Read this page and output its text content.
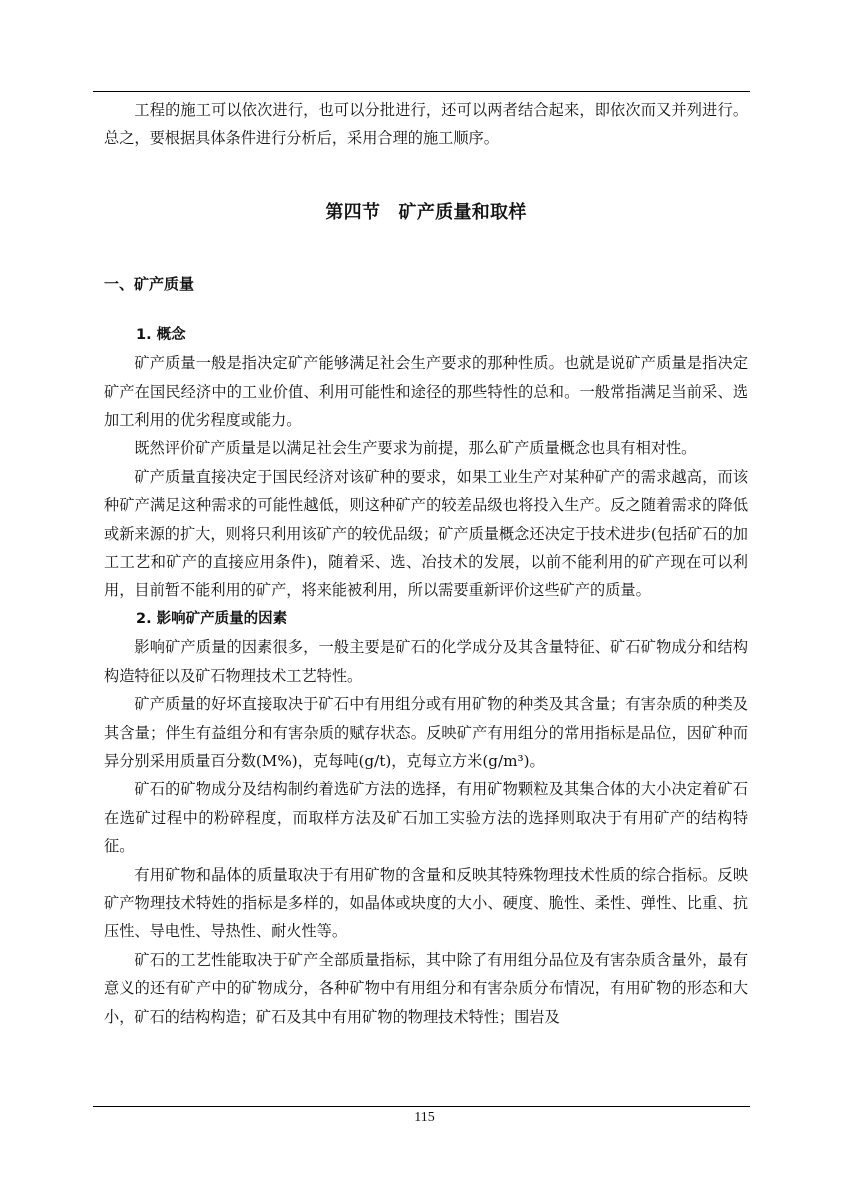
工程的施工可以依次进行，也可以分批进行，还可以两者结合起来，即依次而又并列进行。总之，要根据具体条件进行分析后，采用合理的施工顺序。

第四节　矿产质量和取样
一、矿产质量
1. 概念

矿产质量一般是指决定矿产能够满足社会生产要求的那种性质。也就是说矿产质量是指决定矿产在国民经济中的工业价值、利用可能性和途径的那些特性的总和。一般常指满足当前采、选加工利用的优劣程度或能力。

既然评价矿产质量是以满足社会生产要求为前提，那么矿产质量概念也具有相对性。

矿产质量直接决定于国民经济对该矿种的要求，如果工业生产对某种矿产的需求越高，而该种矿产满足这种需求的可能性越低，则这种矿产的较差品级也将投入生产。反之随着需求的降低或新来源的扩大，则将只利用该矿产的较优品级；矿产质量概念还决定于技术进步(包括矿石的加工工艺和矿产的直接应用条件)，随着采、选、冶技术的发展，以前不能利用的矿产现在可以利用，目前暂不能利用的矿产，将来能被利用，所以需要重新评价这些矿产的质量。

2. 影响矿产质量的因素

影响矿产质量的因素很多，一般主要是矿石的化学成分及其含量特征、矿石矿物成分和结构构造特征以及矿石物理技术工艺特性。

矿产质量的好坏直接取决于矿石中有用组分或有用矿物的种类及其含量；有害杂质的种类及其含量；伴生有益组分和有害杂质的赋存状态。反映矿产有用组分的常用指标是品位，因矿种而异分别采用质量百分数(M%)，克每吨(g/t)，克每立方米(g/m³)。

矿石的矿物成分及结构制约着选矿方法的选择，有用矿物颗粒及其集合体的大小决定着矿石在选矿过程中的粉碎程度，而取样方法及矿石加工实验方法的选择则取决于有用矿产的结构特征。

有用矿物和晶体的质量取决于有用矿物的含量和反映其特殊物理技术性质的综合指标。反映矿产物理技术特姓的指标是多样的，如晶体或块度的大小、硬度、脆性、柔性、弹性、比重、抗压性、导电性、导热性、耐火性等。

矿石的工艺性能取决于矿产全部质量指标，其中除了有用组分品位及有害杂质含量外，最有意义的还有矿产中的矿物成分，各种矿物中有用组分和有害杂质分布情况，有用矿物的形态和大小，矿石的结构构造；矿石及其中有用矿物的物理技术特性；围岩及

115
